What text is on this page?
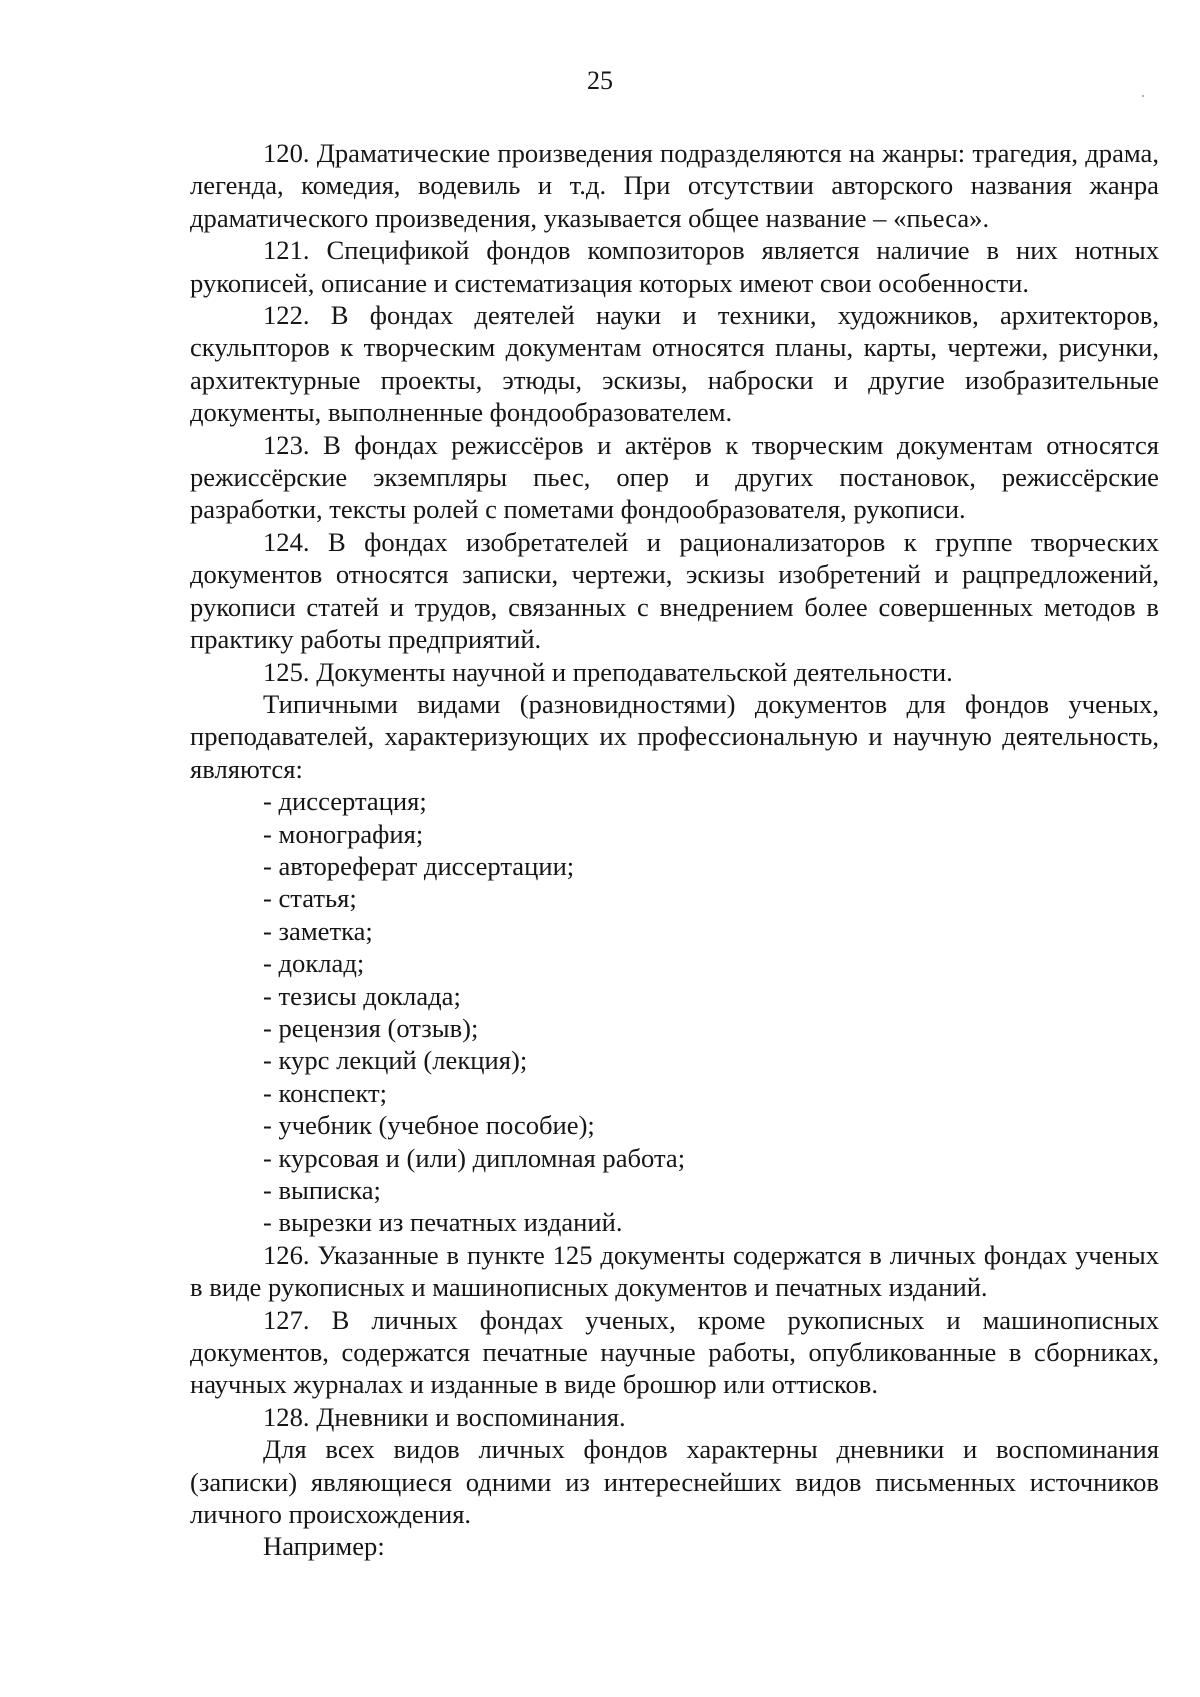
25

120. Драматические произведения подразделяются на жанры: трагедия, драма, легенда, комедия, водевиль и т.д. При отсутствии авторского названия жанра драматического произведения, указывается общее название – «пьеса».

121. Спецификой фондов композиторов является наличие в них нотных рукописей, описание и систематизация которых имеют свои особенности.

122. В фондах деятелей науки и техники, художников, архитекторов, скульпторов к творческим документам относятся планы, карты, чертежи, рисунки, архитектурные проекты, этюды, эскизы, наброски и другие изобразительные документы, выполненные фондообразователем.

123. В фондах режиссёров и актёров к творческим документам относятся режиссёрские экземпляры пьес, опер и других постановок, режиссёрские разработки, тексты ролей с пометами фондообразователя, рукописи.

124. В фондах изобретателей и рационализаторов к группе творческих документов относятся записки, чертежи, эскизы изобретений и рацпредложений, рукописи статей и трудов, связанных с внедрением более совершенных методов в практику работы предприятий.

125. Документы научной и преподавательской деятельности.

Типичными видами (разновидностями) документов для фондов ученых, преподавателей, характеризующих их профессиональную и научную деятельность, являются:

- диссертация;

- монография;

- автореферат диссертации;

- статья;

- заметка;

- доклад;

- тезисы доклада;

- рецензия (отзыв);

- курс лекций (лекция);

- конспект;

- учебник (учебное пособие);

- курсовая и (или) дипломная работа;

- выписка;

- вырезки из печатных изданий.

126. Указанные в пункте 125 документы содержатся в личных фондах ученых в виде рукописных и машинописных документов и печатных изданий.

127. В личных фондах ученых, кроме рукописных и машинописных документов, содержатся печатные научные работы, опубликованные в сборниках, научных журналах и изданные в виде брошюр или оттисков.

128. Дневники и воспоминания.

Для всех видов личных фондов характерны дневники и воспоминания (записки) являющиеся одними из интереснейших видов письменных источников личного происхождения.

Например:
